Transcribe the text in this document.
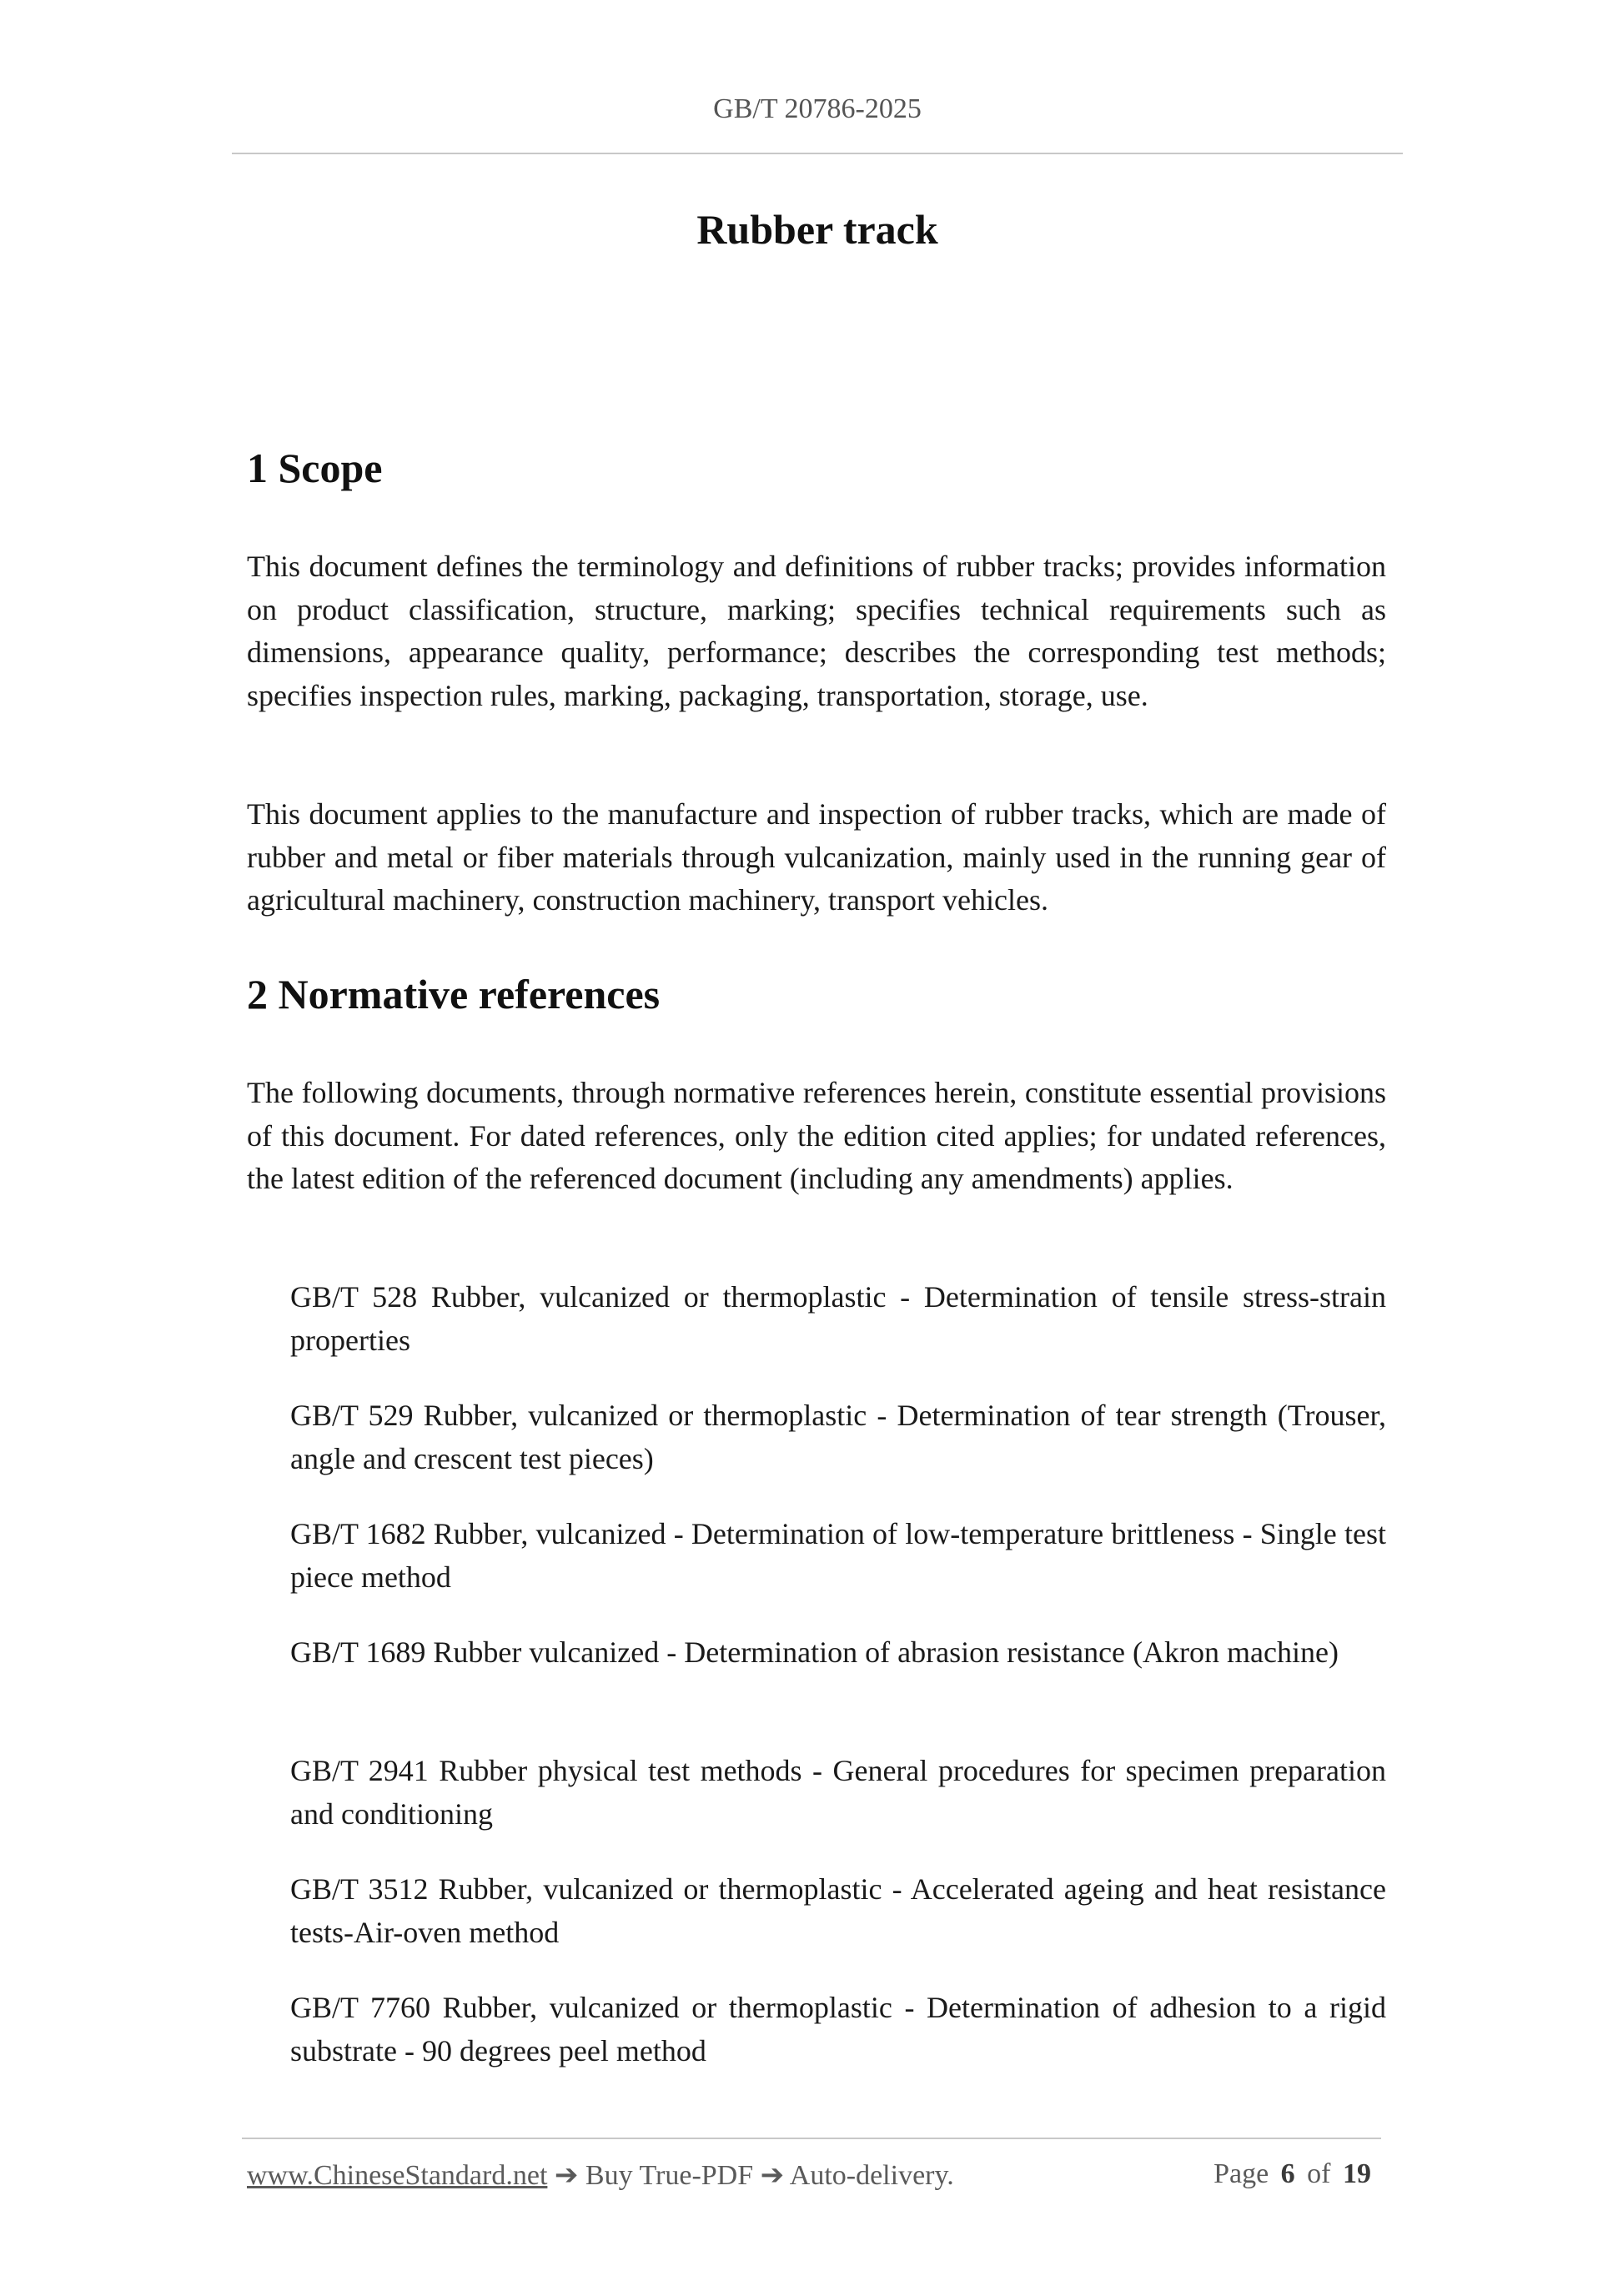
GB/T 20786-2025
Rubber track
1 Scope

This document defines the terminology and definitions of rubber tracks; provides information on product classification, structure, marking; specifies technical requirements such as dimensions, appearance quality, performance; describes the corresponding test methods; specifies inspection rules, marking, packaging, transportation, storage, use.

This document applies to the manufacture and inspection of rubber tracks, which are made of rubber and metal or fiber materials through vulcanization, mainly used in the running gear of agricultural machinery, construction machinery, transport vehicles.

2 Normative references

The following documents, through normative references herein, constitute essential provisions of this document. For dated references, only the edition cited applies; for undated references, the latest edition of the referenced document (including any amendments) applies.

GB/T 528 Rubber, vulcanized or thermoplastic - Determination of tensile stress-strain properties

GB/T 529 Rubber, vulcanized or thermoplastic - Determination of tear strength (Trouser, angle and crescent test pieces)

GB/T 1682 Rubber, vulcanized - Determination of low-temperature brittleness - Single test piece method

GB/T 1689 Rubber vulcanized - Determination of abrasion resistance (Akron machine)

GB/T 2941 Rubber physical test methods - General procedures for specimen preparation and conditioning

GB/T 3512 Rubber, vulcanized or thermoplastic - Accelerated ageing and heat resistance tests-Air-oven method

GB/T 7760 Rubber, vulcanized or thermoplastic - Determination of adhesion to a rigid substrate - 90 degrees peel method

www.ChineseStandard.net ➔ Buy True-PDF ➔ Auto-delivery.	Page 6 of 19
